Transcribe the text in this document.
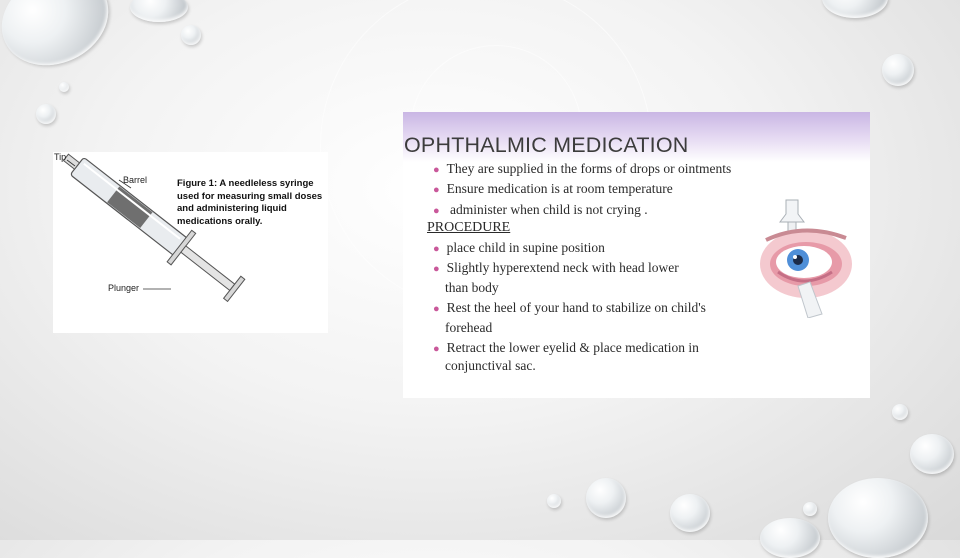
Tip
Barrel
Plunger
Figure 1: A needleless syringe
used for measuring small doses
and administering liquid
medications orally.
OPHTHALMIC MEDICATION
● They are supplied in the forms of drops or ointments
● Ensure medication is at room temperature
● administer when child is not crying .
PROCEDURE
● place child in supine position
● Slightly hyperextend neck with head lower
than body
● Rest the heel of your hand to stabilize on child's
forehead
● Retract the lower eyelid & place medication in
conjunctival sac.
